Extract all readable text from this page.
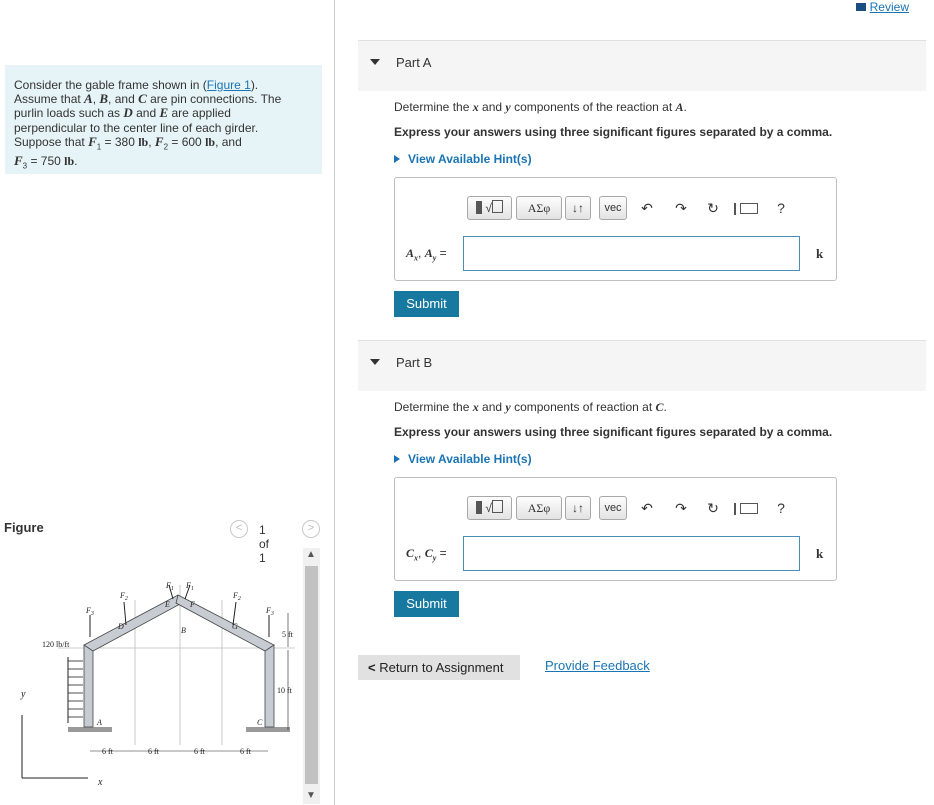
Review
Consider the gable frame shown in (Figure 1).
Assume that A, B, and C are pin connections. The
purlin loads such as D and E are applied
perpendicular to the center line of each girder.
Suppose that $F_1 = 380$ lb, $F_2 = 600$ lb, and
$F_3 = 750$ lb.
Figure	<	1 of 1
>
y
x
120 lb/ft
$F_3$
$F_2$
$F_1$ $F_1$
$F_2$
$F_3$
D
E	F
G
B
A	C
5 ft
10 ft
6 ft	6 ft	6 ft	6 ft
▲
▼
Part A
Determine the x and y components of the reaction at A.
Express your answers using three significant figures separated by a comma.
View Available Hint(s)
√	ΑΣφ	↓↑	vec	↶ ↷ ↻
	?
$A_x$, $A_y$ =	k
Submit
Part B
Determine the x and y components of reaction at C.
Express your answers using three significant figures separated by a comma.
View Available Hint(s)
√	ΑΣφ	↓↑	vec	↶ ↷ ↻
	?
$C_x$, $C_y$ =	k
Submit
< Return to Assignment	Provide Feedback
